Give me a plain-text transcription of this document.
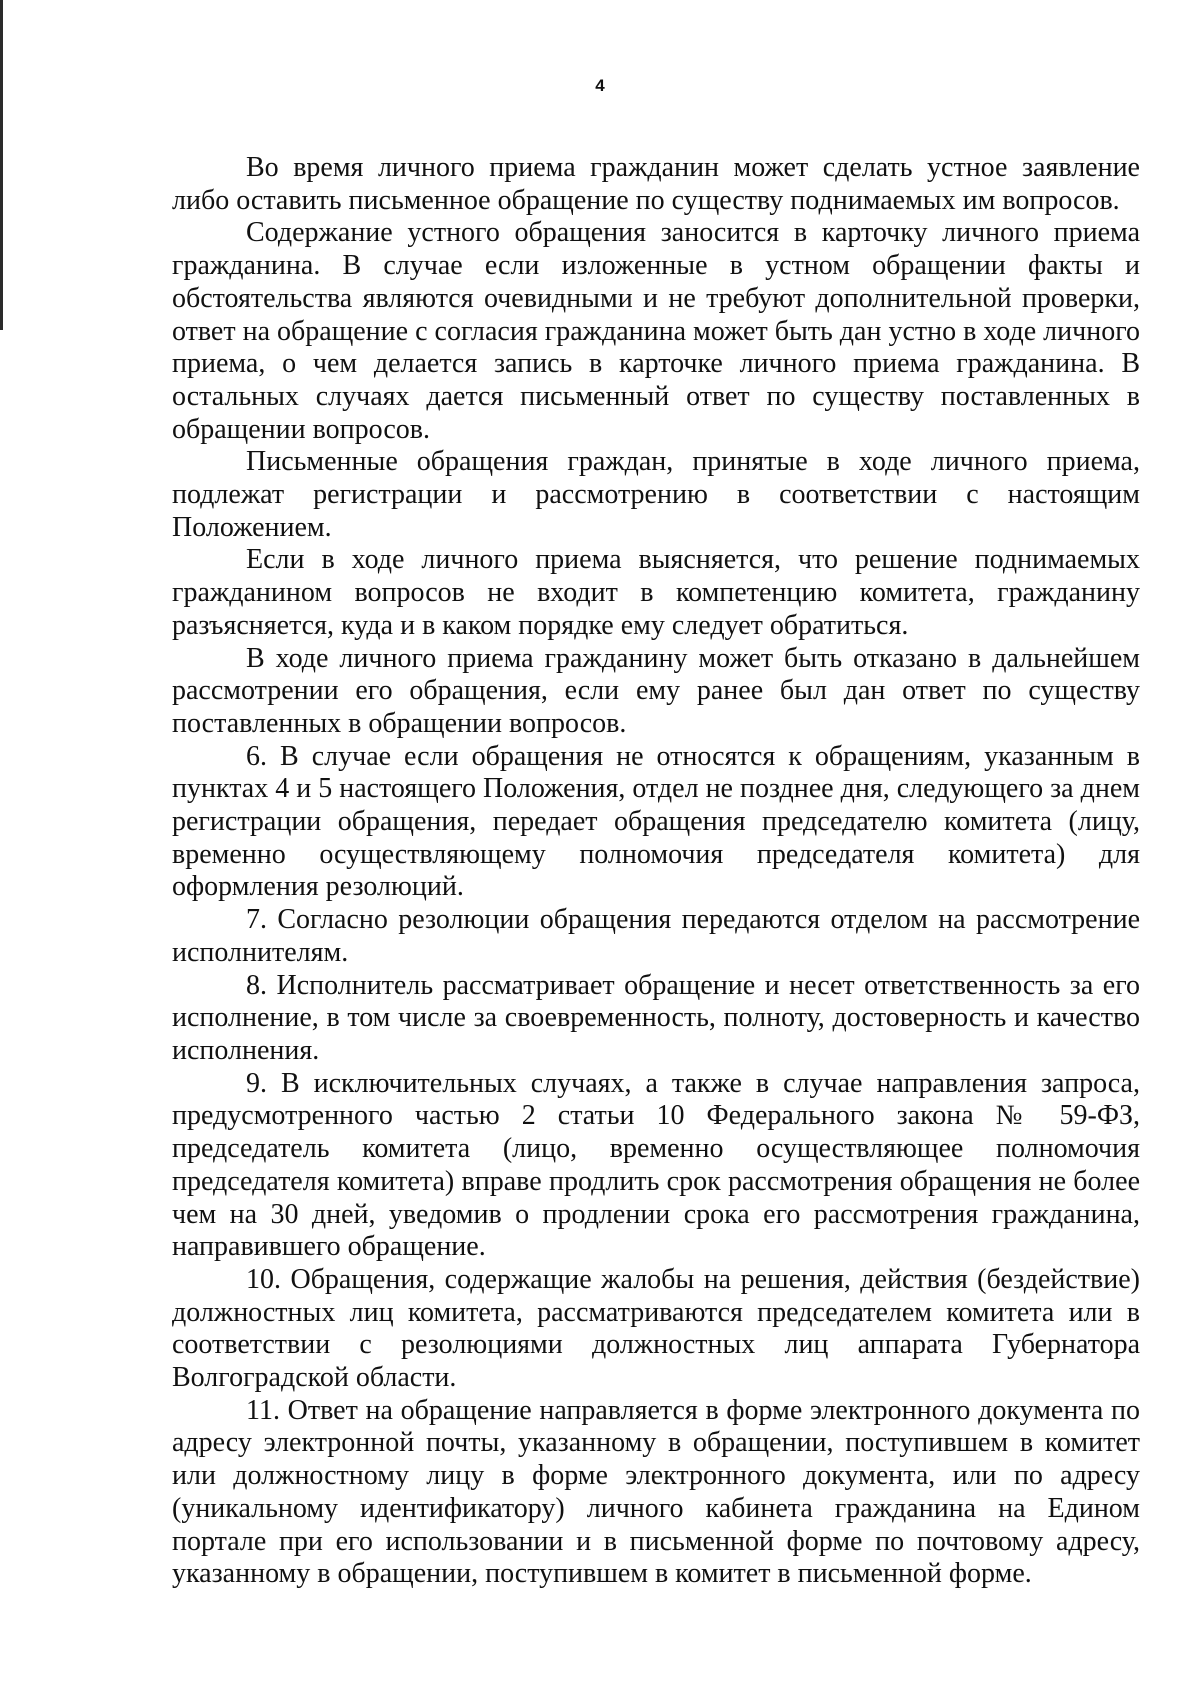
4

Во время личного приема гражданин может сделать устное заявление либо оставить письменное обращение по существу поднимаемых им вопросов.

Содержание устного обращения заносится в карточку личного приема гражданина. В случае если изложенные в устном обращении факты и обстоятельства являются очевидными и не требуют дополнительной проверки, ответ на обращение с согласия гражданина может быть дан устно в ходе личного приема, о чем делается запись в карточке личного приема гражданина. В остальных случаях дается письменный ответ по существу поставленных в обращении вопросов.

Письменные обращения граждан, принятые в ходе личного приема, подлежат регистрации и рассмотрению в соответствии с настоящим Положением.

Если в ходе личного приема выясняется, что решение поднимаемых гражданином вопросов не входит в компетенцию комитета, гражданину разъясняется, куда и в каком порядке ему следует обратиться.

В ходе личного приема гражданину может быть отказано в дальнейшем рассмотрении его обращения, если ему ранее был дан ответ по существу поставленных в обращении вопросов.

6. В случае если обращения не относятся к обращениям, указанным в пунктах 4 и 5 настоящего Положения, отдел не позднее дня, следующего за днем регистрации обращения, передает обращения председателю комитета (лицу, временно осуществляющему полномочия председателя комитета) для оформления резолюций.

7. Согласно резолюции обращения передаются отделом на рассмотрение исполнителям.

8. Исполнитель рассматривает обращение и несет ответственность за его исполнение, в том числе за своевременность, полноту, достоверность и качество исполнения.

9. В исключительных случаях, а также в случае направления запроса, предусмотренного частью 2 статьи 10 Федерального закона № 59-ФЗ, председатель комитета (лицо, временно осуществляющее полномочия председателя комитета) вправе продлить срок рассмотрения обращения не более чем на 30 дней, уведомив о продлении срока его рассмотрения гражданина, направившего обращение.

10. Обращения, содержащие жалобы на решения, действия (бездействие) должностных лиц комитета, рассматриваются председателем комитета или в соответствии с резолюциями должностных лиц аппарата Губернатора Волгоградской области.

11. Ответ на обращение направляется в форме электронного документа по адресу электронной почты, указанному в обращении, поступившем в комитет или должностному лицу в форме электронного документа, или по адресу (уникальному идентификатору) личного кабинета гражданина на Едином портале при его использовании и в письменной форме по почтовому адресу, указанному в обращении, поступившем в комитет в письменной форме.
